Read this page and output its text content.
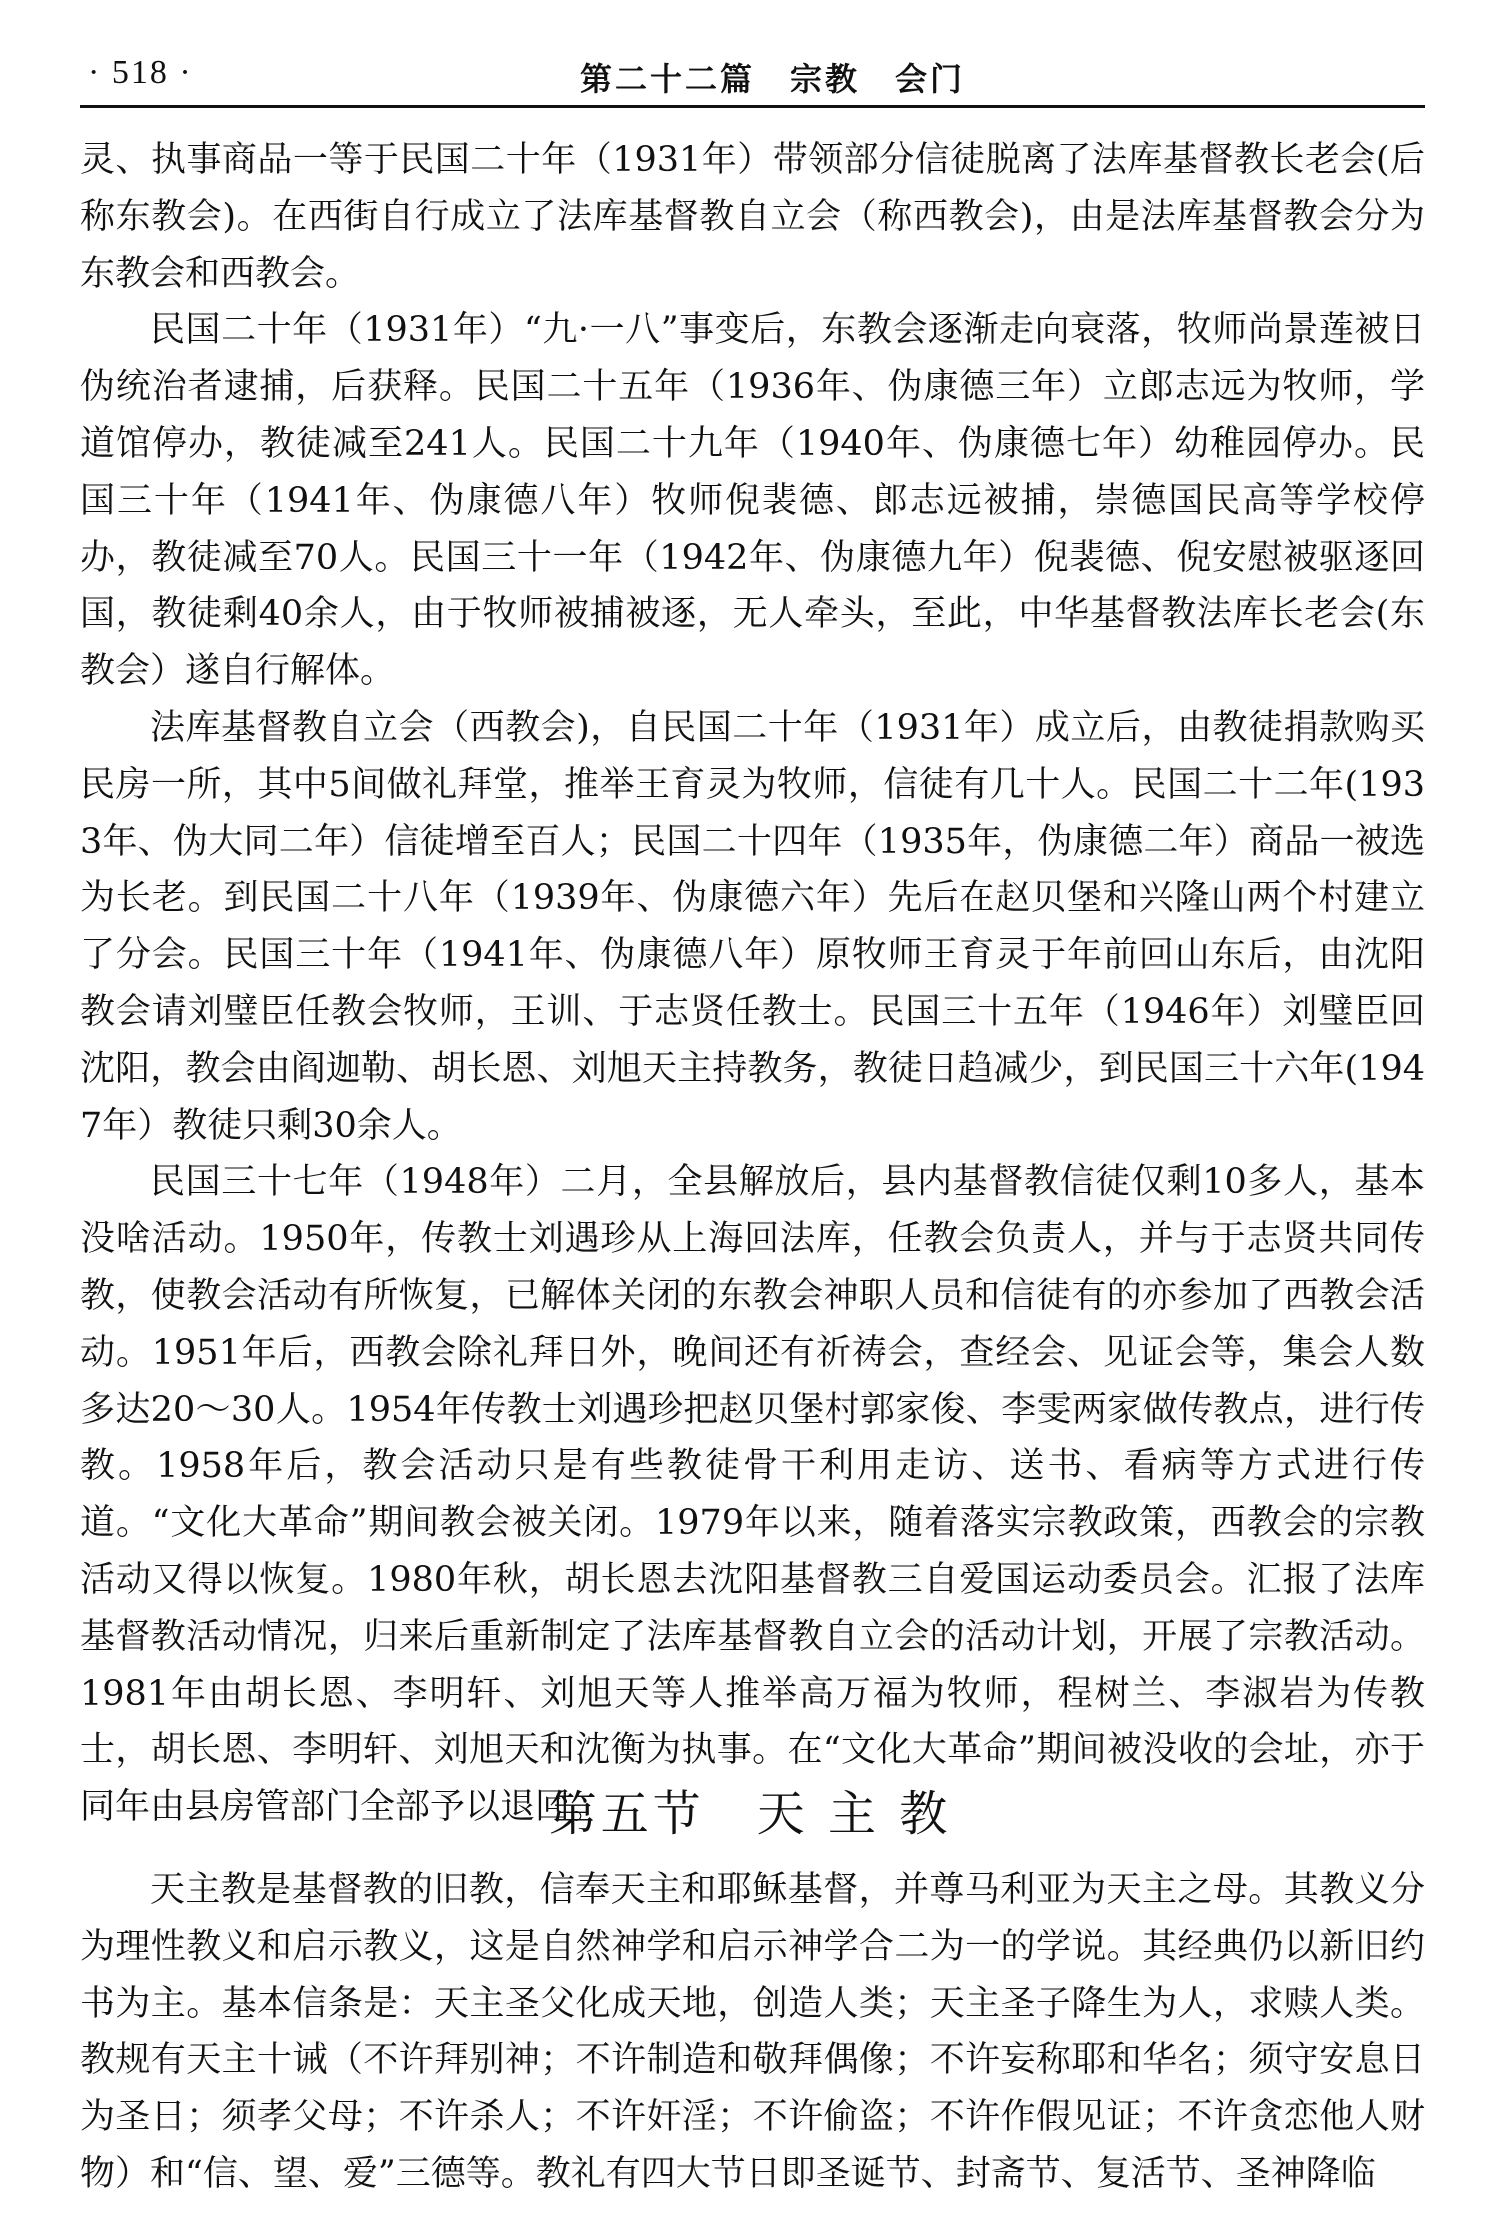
· 518 ·	第二十二篇　宗教　会门

灵、执事商品一等于民国二十年（1931年）带领部分信徒脱离了法库基督教长老会(后称东教会)。在西街自行成立了法库基督教自立会（称西教会)，由是法库基督教会分为东教会和西教会。

民国二十年（1931年）“九·一八”事变后，东教会逐渐走向衰落，牧师尚景莲被日伪统治者逮捕，后获释。民国二十五年（1936年、伪康德三年）立郎志远为牧师，学道馆停办，教徒减至241人。民国二十九年（1940年、伪康德七年）幼稚园停办。民国三十年（1941年、伪康德八年）牧师倪裴德、郎志远被捕，崇德国民高等学校停办，教徒减至70人。民国三十一年（1942年、伪康德九年）倪裴德、倪安慰被驱逐回国，教徒剩40余人，由于牧师被捕被逐，无人牵头，至此，中华基督教法库长老会(东教会）遂自行解体。

法库基督教自立会（西教会)，自民国二十年（1931年）成立后，由教徒捐款购买民房一所，其中5间做礼拜堂，推举王育灵为牧师，信徒有几十人。民国二十二年(1933年、伪大同二年）信徒增至百人；民国二十四年（1935年，伪康德二年）商品一被选为长老。到民国二十八年（1939年、伪康德六年）先后在赵贝堡和兴隆山两个村建立了分会。民国三十年（1941年、伪康德八年）原牧师王育灵于年前回山东后，由沈阳教会请刘璧臣任教会牧师，王训、于志贤任教士。民国三十五年（1946年）刘璧臣回沈阳，教会由阎迦勒、胡长恩、刘旭天主持教务，教徒日趋减少，到民国三十六年(1947年）教徒只剩30余人。

民国三十七年（1948年）二月，全县解放后，县内基督教信徒仅剩10多人，基本没啥活动。1950年，传教士刘遇珍从上海回法库，任教会负责人，并与于志贤共同传教，使教会活动有所恢复，已解体关闭的东教会神职人员和信徒有的亦参加了西教会活动。1951年后，西教会除礼拜日外，晚间还有祈祷会，查经会、见证会等，集会人数多达20～30人。1954年传教士刘遇珍把赵贝堡村郭家俊、李雯两家做传教点，进行传教。1958年后，教会活动只是有些教徒骨干利用走访、送书、看病等方式进行传道。“文化大革命”期间教会被关闭。1979年以来，随着落实宗教政策，西教会的宗教活动又得以恢复。1980年秋，胡长恩去沈阳基督教三自爱国运动委员会。汇报了法库基督教活动情况，归来后重新制定了法库基督教自立会的活动计划，开展了宗教活动。1981年由胡长恩、李明轩、刘旭天等人推举高万福为牧师，程树兰、李淑岩为传教士，胡长恩、李明轩、刘旭天和沈衡为执事。在“文化大革命”期间被没收的会址，亦于同年由县房管部门全部予以退回。

第五节　天 主 教

天主教是基督教的旧教，信奉天主和耶稣基督，并尊马利亚为天主之母。其教义分为理性教义和启示教义，这是自然神学和启示神学合二为一的学说。其经典仍以新旧约书为主。基本信条是：天主圣父化成天地，创造人类；天主圣子降生为人，求赎人类。教规有天主十诫（不许拜别神；不许制造和敬拜偶像；不许妄称耶和华名；须守安息日为圣日；须孝父母；不许杀人；不许奸淫；不许偷盗；不许作假见证；不许贪恋他人财物）和“信、望、爱”三德等。教礼有四大节日即圣诞节、封斋节、复活节、圣神降临
